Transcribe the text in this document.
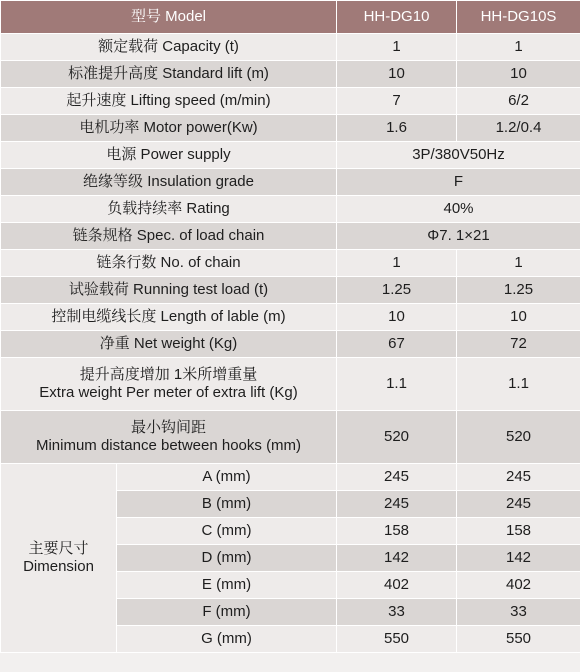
型号 Model		HH-DG10	HH-DG10S
额定载荷 Capacity (t)		1	1
标准提升高度 Standard lift (m)		10	10
起升速度 Lifting speed (m/min)		7	6/2
电机功率 Motor power(Kw)		1.6	1.2/0.4
电源 Power supply		3P/380V50Hz	
绝缘等级 Insulation grade		F	
负载持续率 Rating		40%	
链条规格 Spec. of load chain		Φ7. 1×21	
链条行数 No. of chain		1	1
试验载荷 Running test load (t)		1.25	1.25
控制电缆线长度 Length of lable (m)		10	10
净重 Net weight (Kg)		67	72

提升高度增加 1米所增重量
Extra weight Per meter of extra lift (Kg)		1.1	1.1

最小钩间距
Minimum distance between hooks (mm)		520	520

主要尺寸
Dimension	A (mm)	245	245
	B (mm)	245	245
	C (mm)	158	158
	D (mm)	142	142
	E (mm)	402	402
	F (mm)	33	33
	G (mm)	550	550
